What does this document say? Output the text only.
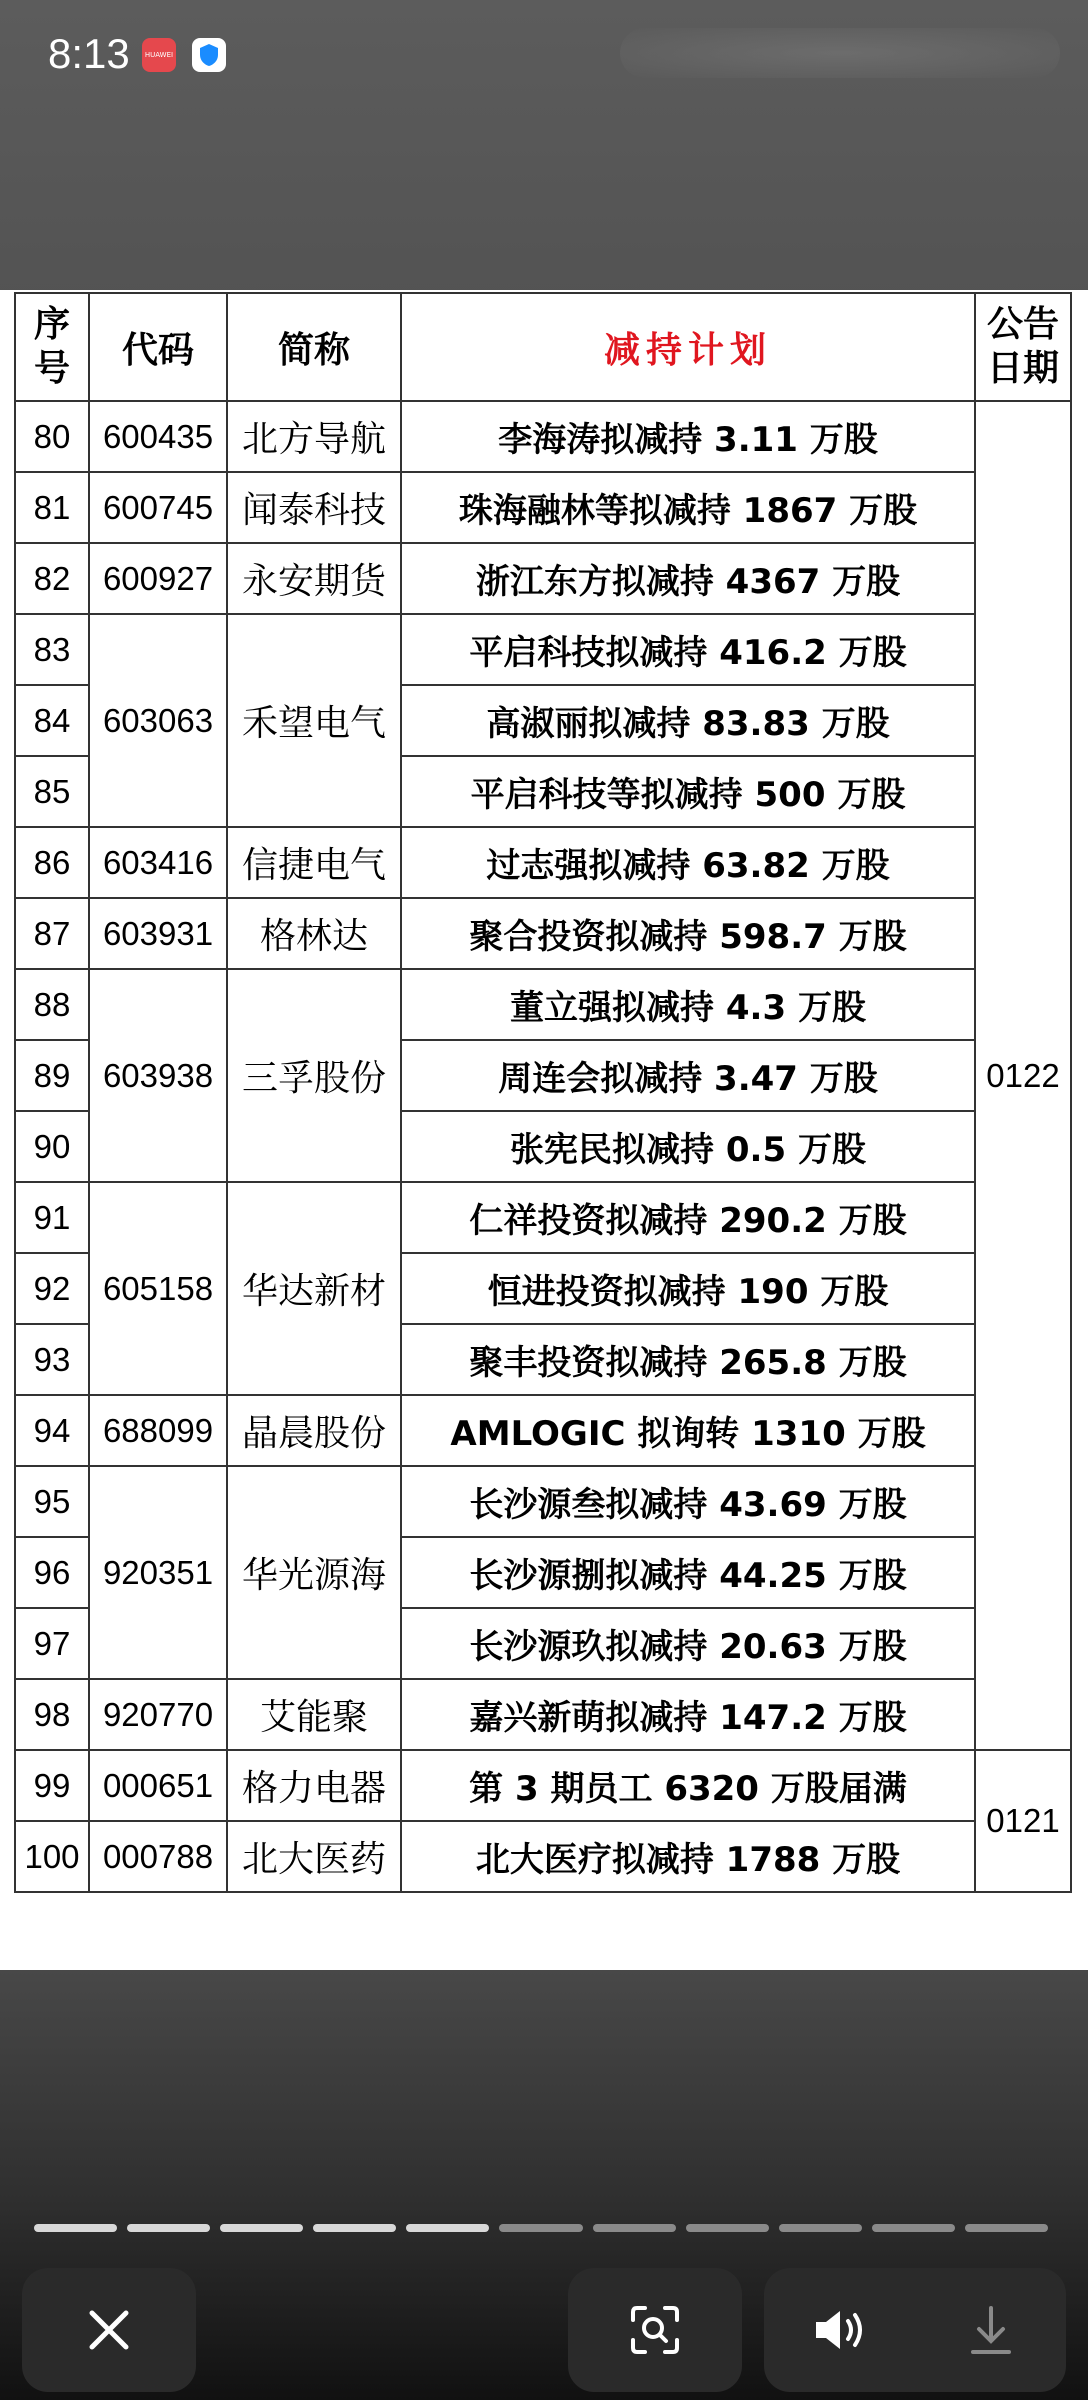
8:13	HUAWEI
序
号	代码	简称	减持计划	公告
日期
80	600435	北方导航	李海涛拟减持 3.11 万股	0122
81	600745	闻泰科技	珠海融林等拟减持 1867 万股	
82	600927	永安期货	浙江东方拟减持 4367 万股	
83	603063	禾望电气	平启科技拟减持 416.2 万股	
84			高淑丽拟减持 83.83 万股	
85			平启科技等拟减持 500 万股	
86	603416	信捷电气	过志强拟减持 63.82 万股	
87	603931	格林达	聚合投资拟减持 598.7 万股	
88	603938	三孚股份	董立强拟减持 4.3 万股	
89			周连会拟减持 3.47 万股	
90			张宪民拟减持 0.5 万股	
91	605158	华达新材	仁祥投资拟减持 290.2 万股	
92			恒进投资拟减持 190 万股	
93			聚丰投资拟减持 265.8 万股	
94	688099	晶晨股份	AMLOGIC 拟询转 1310 万股	
95	920351	华光源海	长沙源叁拟减持 43.69 万股	
96			长沙源捌拟减持 44.25 万股	
97			长沙源玖拟减持 20.63 万股	
98	920770	艾能聚	嘉兴新萌拟减持 147.2 万股	
99	000651	格力电器	第 3 期员工 6320 万股届满	0121
100	000788	北大医药	北大医疗拟减持 1788 万股	
